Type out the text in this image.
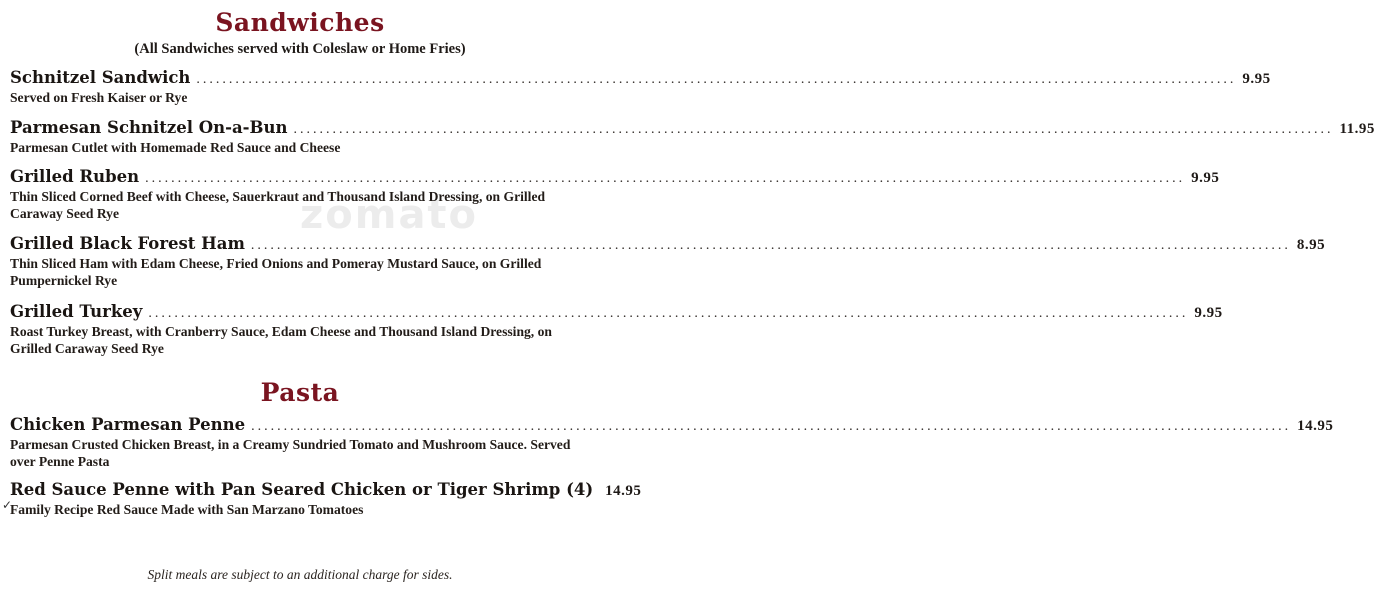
zomato
Sandwiches
(All Sandwiches served with Coleslaw or Home Fries)
Schnitzel Sandwich .....	9.95
Served on Fresh Kaiser or Rye
Parmesan Schnitzel On-a-Bun .....	11.95
Parmesan Cutlet with Homemade Red Sauce and Cheese
Grilled Ruben .....	9.95
Thin Sliced Corned Beef with Cheese, Sauerkraut and Thousand Island Dressing, on Grilled Caraway Seed Rye
Grilled Black Forest Ham .....	8.95
Thin Sliced Ham with Edam Cheese, Fried Onions and Pomeray Mustard Sauce, on Grilled Pumpernickel Rye
Grilled Turkey .....	9.95
Roast Turkey Breast, with Cranberry Sauce, Edam Cheese and Thousand Island Dressing, on Grilled Caraway Seed Rye
Pasta
Chicken Parmesan Penne .....	14.95
Parmesan Crusted Chicken Breast, in a Creamy Sundried Tomato and Mushroom Sauce. Served over Penne Pasta
Red Sauce Penne with Pan Seared Chicken or Tiger Shrimp (4) 14.95
Family Recipe Red Sauce Made with San Marzano Tomatoes
✓
Split meals are subject to an additional charge for sides.
